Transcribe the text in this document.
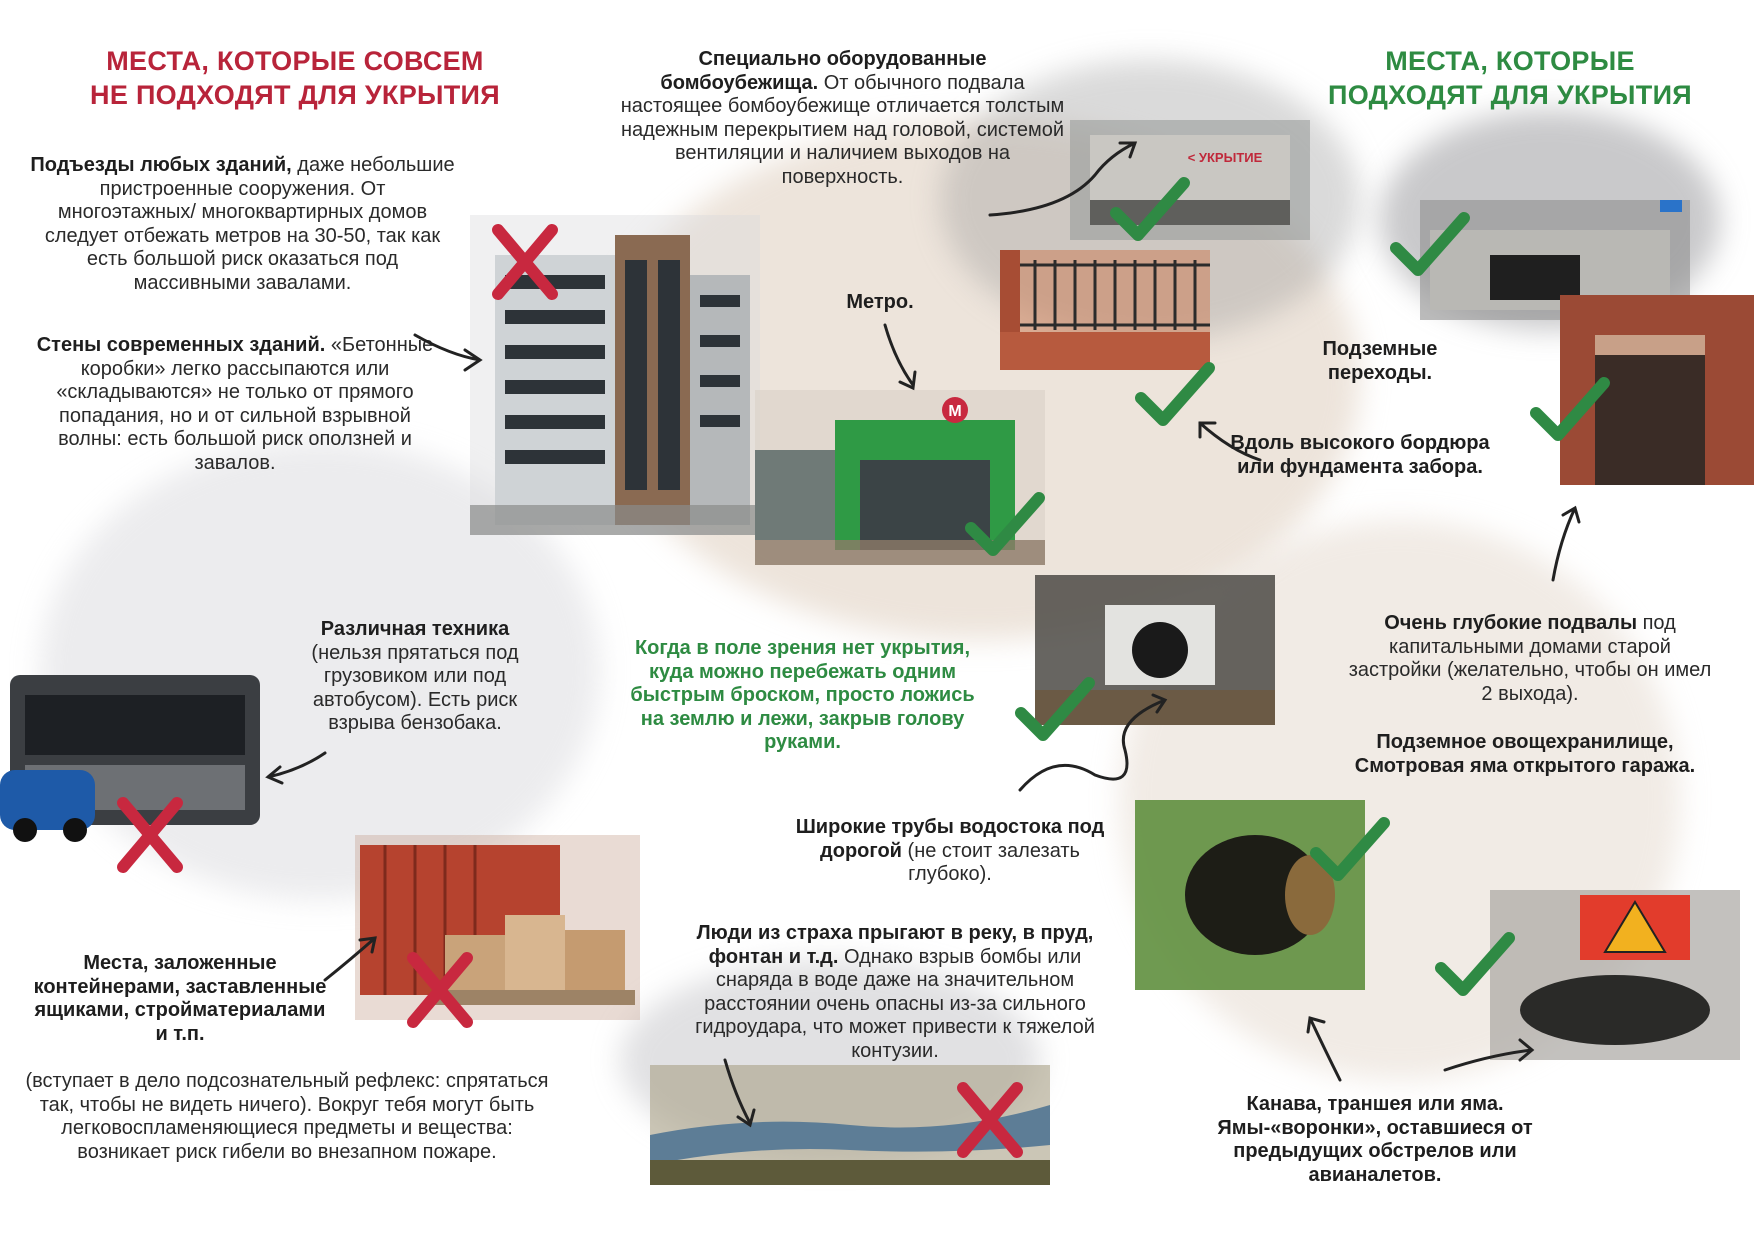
МЕСТА, КОТОРЫЕ СОВСЕМ
НЕ ПОДХОДЯТ ДЛЯ УКРЫТИЯ
МЕСТА, КОТОРЫЕ
ПОДХОДЯТ ДЛЯ УКРЫТИЯ
Подъезды любых зданий, даже небольшие пристроенные сооружения. От многоэтажных/ многоквартирных домов следует отбежать метров на 30-50, так как есть большой риск оказаться под массивными завалами.
Стены современных зданий. «Бетонные коробки» легко рассыпаются или «складываются» не только от прямого попадания, но и от сильной взрывной волны: есть большой риск оползней и завалов.
Различная техника (нельзя прятаться под грузовиком или под автобусом). Есть риск взрыва бензобака.
Места, заложенные контейнерами, заставленные ящиками, стройматериалами и т.п.
(вступает в дело подсознательный рефлекс: спрятаться так, чтобы не видеть ничего). Вокруг тебя могут быть легковоспламеняющиеся предметы и вещества: возникает риск гибели во внезапном пожаре.
Специально оборудованные бомбоубежища. От обычного подвала настоящее бомбоубежище отличается толстым надежным перекрытием над головой, системой вентиляции и наличием выходов на поверхность.
Метро.
Когда в поле зрения нет укрытия, куда можно перебежать одним быстрым броском, просто ложись на землю и лежи, закрыв голову руками.
Широкие трубы водостока под дорогой (не стоит залезать глубоко).
Люди из страха прыгают в реку, в пруд, фонтан и т.д. Однако взрыв бомбы или снаряда в воде даже на значительном расстоянии очень опасны из-за сильного гидроудара, что может привести к тяжелой контузии.
Подземные переходы.
Вдоль высокого бордюра или фундамента забора.
Очень глубокие подвалы под капитальными домами старой застройки (желательно, чтобы он имел 2 выхода).
Подземное овощехранилище, Смотровая яма открытого гаража.
Канава, траншея или яма. Ямы-«воронки», оставшиеся от предыдущих обстрелов или авианалетов.
М
< УКРЫТИЕ
